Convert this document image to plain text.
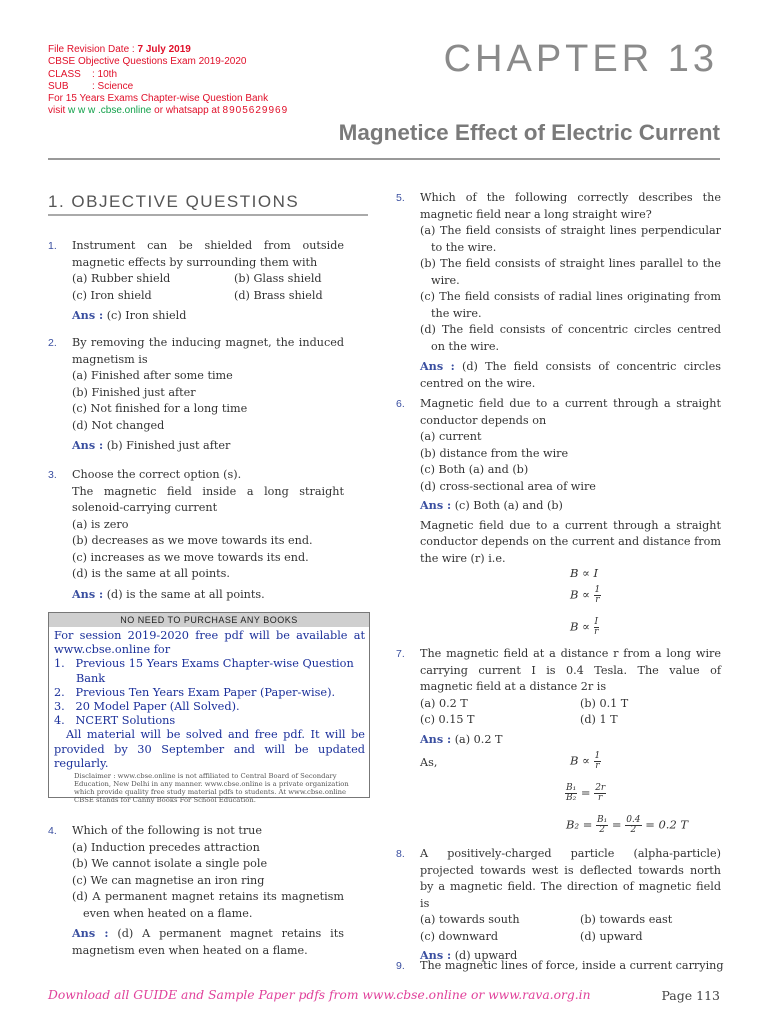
File Revision Date : 7 July 2019
CBSE Objective Questions Exam 2019-2020
CLASS : 10th
SUB : Science
For 15 Years Exams Chapter-wise Question Bank
visit w w w .cbse.online or whatsapp at 8905629969
CHAPTER 13
Magnetice Effect of Electric Current
1. OBJECTIVE QUESTIONS
1. Instrument can be shielded from outside magnetic effects by surrounding them with
(a) Rubber shield	(b) Glass shield
(c) Iron shield	(d) Brass shield
Ans : (c) Iron shield
2. By removing the inducing magnet, the induced magnetism is
(a) Finished after some time
(b) Finished just after
(c) Not finished for a long time
(d) Not changed
Ans : (b) Finished just after
3. Choose the correct option (s).
The magnetic field inside a long straight solenoid-carrying current
(a) is zero
(b) decreases as we move towards its end.
(c) increases as we move towards its end.
(d) is the same at all points.
Ans : (d) is the same at all points.
NO NEED TO PURCHASE ANY BOOKS
For session 2019-2020 free pdf will be available at www.cbse.online for
1.   Previous 15 Years Exams Chapter-wise Question Bank
2.   Previous Ten Years Exam Paper (Paper-wise).
3.   20 Model Paper (All Solved).
4.   NCERT Solutions
All material will be solved and free pdf. It will be provided by 30 September and will be updated regularly.
Disclaimer : www.cbse.online is not affiliated to Central Board of Secondary Education, New Delhi in any manner. www.cbse.online is a private organization which provide quality free study material pdfs to students. At www.cbse.online CBSE stands for Canny Books For School Education.
4. Which of the following is not true
(a) Induction precedes attraction
(b) We cannot isolate a single pole
(c) We can magnetise an iron ring
(d) A permanent magnet retains its magnetism even when heated on a flame.
Ans : (d) A permanent magnet retains its magnetism even when heated on a flame.
5. Which of the following correctly describes the magnetic field near a long straight wire?
(a) The field consists of straight lines perpendicular to the wire.
(b) The field consists of straight lines parallel to the wire.
(c) The field consists of radial lines originating from the wire.
(d) The field consists of concentric circles centred on the wire.
Ans : (d) The field consists of concentric circles centred on the wire.
6. Magnetic field due to a current through a straight conductor depends on
(a) current
(b) distance from the wire
(c) Both (a) and (b)
(d) cross-sectional area of wire
Ans : (c) Both (a) and (b)
Magnetic field due to a current through a straight conductor depends on the current and distance from the wire (r) i.e.
B ∝ I
$B \propto \frac{1}{r}$
$B \propto \frac{I}{r}$
7. The magnetic field at a distance r from a long wire carrying current I is 0.4 Tesla. The value of magnetic field at a distance 2r is
(a) 0.2 T	(b) 0.1 T
(c) 0.15 T	(d) 1 T
Ans : (a) 0.2 T
As,	$B \propto \frac{1}{r}$
$\frac{\text{B₁}}{\text{B₂}} = \frac{2r}{r}$
$B_2 = \frac{\text{B₁}}{2} = \frac{0.4}{2} = 0.2$ T
8. A positively-charged particle (alpha-particle) projected towards west is deflected towards north by a magnetic field. The direction of magnetic field is
(a) towards south	(b) towards east
(c) downward	(d) upward
Ans : (d) upward
9. The magnetic lines of force, inside a current carrying
Download all GUIDE and Sample Paper pdfs from www.cbse.online or www.rava.org.in	Page 113
